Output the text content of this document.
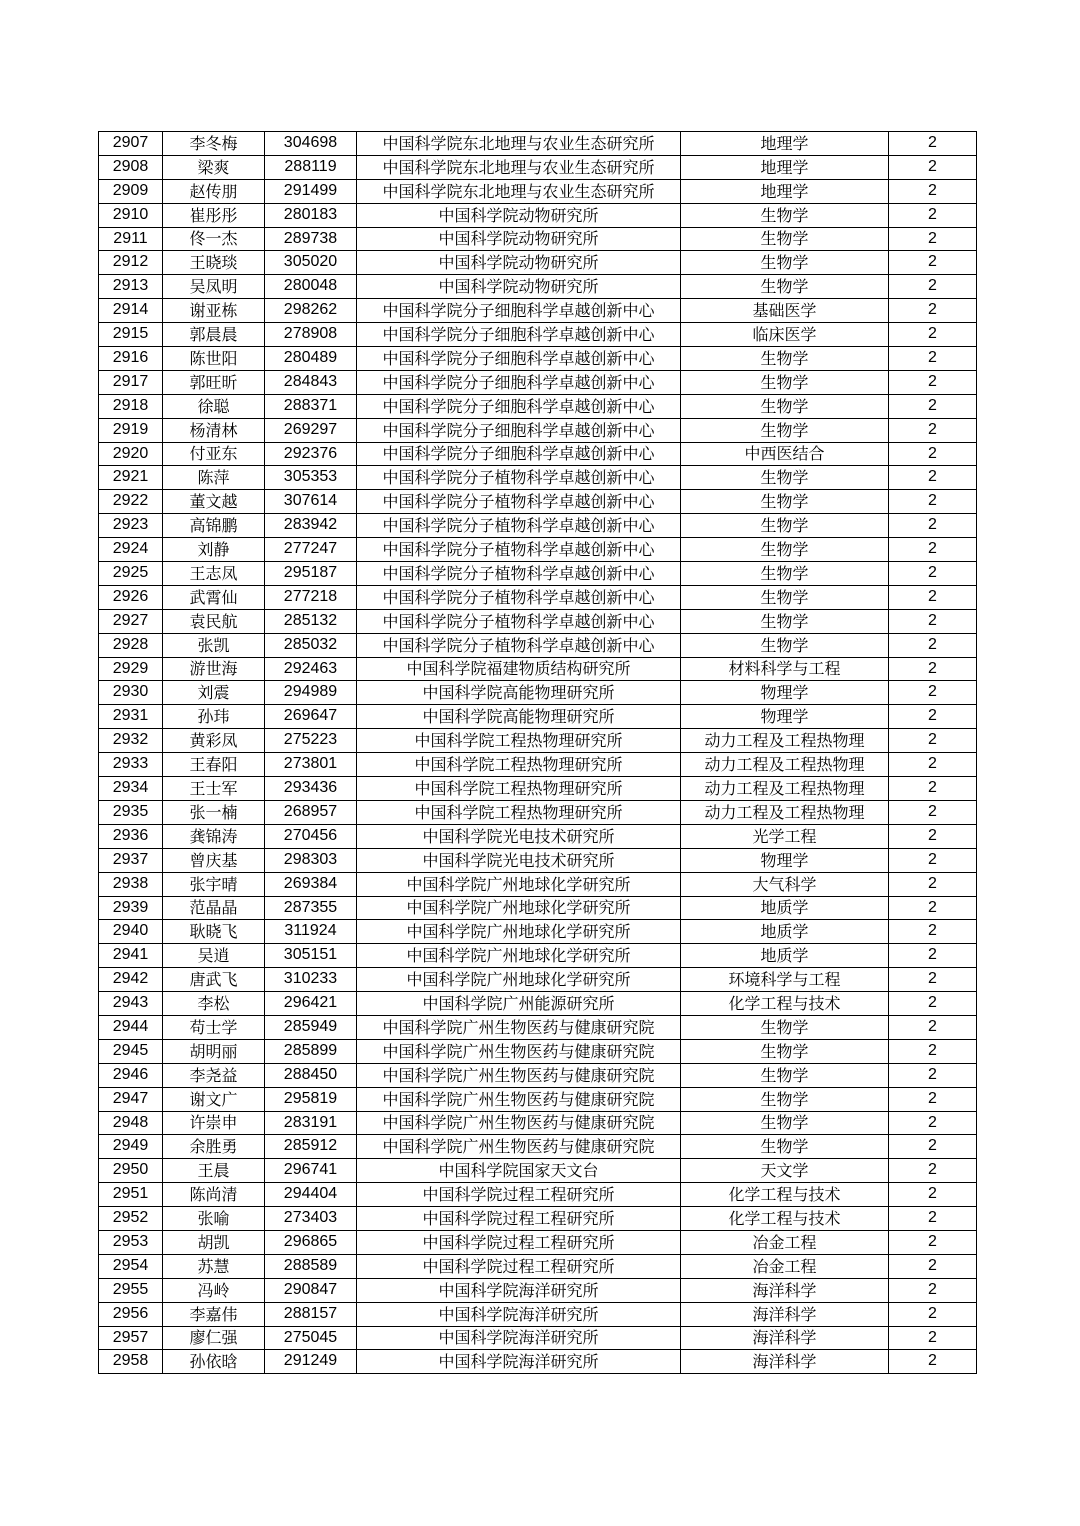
2907	李冬梅	304698	中国科学院东北地理与农业生态研究所	地理学	2
2908	梁爽	288119	中国科学院东北地理与农业生态研究所	地理学	2
2909	赵传朋	291499	中国科学院东北地理与农业生态研究所	地理学	2
2910	崔彤彤	280183	中国科学院动物研究所	生物学	2
2911	佟一杰	289738	中国科学院动物研究所	生物学	2
2912	王晓琰	305020	中国科学院动物研究所	生物学	2
2913	吴凤明	280048	中国科学院动物研究所	生物学	2
2914	谢亚栋	298262	中国科学院分子细胞科学卓越创新中心	基础医学	2
2915	郭晨晨	278908	中国科学院分子细胞科学卓越创新中心	临床医学	2
2916	陈世阳	280489	中国科学院分子细胞科学卓越创新中心	生物学	2
2917	郭旺昕	284843	中国科学院分子细胞科学卓越创新中心	生物学	2
2918	徐聪	288371	中国科学院分子细胞科学卓越创新中心	生物学	2
2919	杨清林	269297	中国科学院分子细胞科学卓越创新中心	生物学	2
2920	付亚东	292376	中国科学院分子细胞科学卓越创新中心	中西医结合	2
2921	陈萍	305353	中国科学院分子植物科学卓越创新中心	生物学	2
2922	董文越	307614	中国科学院分子植物科学卓越创新中心	生物学	2
2923	高锦鹏	283942	中国科学院分子植物科学卓越创新中心	生物学	2
2924	刘静	277247	中国科学院分子植物科学卓越创新中心	生物学	2
2925	王志凤	295187	中国科学院分子植物科学卓越创新中心	生物学	2
2926	武霄仙	277218	中国科学院分子植物科学卓越创新中心	生物学	2
2927	袁民航	285132	中国科学院分子植物科学卓越创新中心	生物学	2
2928	张凯	285032	中国科学院分子植物科学卓越创新中心	生物学	2
2929	游世海	292463	中国科学院福建物质结构研究所	材料科学与工程	2
2930	刘震	294989	中国科学院高能物理研究所	物理学	2
2931	孙玮	269647	中国科学院高能物理研究所	物理学	2
2932	黄彩凤	275223	中国科学院工程热物理研究所	动力工程及工程热物理	2
2933	王春阳	273801	中国科学院工程热物理研究所	动力工程及工程热物理	2
2934	王士军	293436	中国科学院工程热物理研究所	动力工程及工程热物理	2
2935	张一楠	268957	中国科学院工程热物理研究所	动力工程及工程热物理	2
2936	龚锦涛	270456	中国科学院光电技术研究所	光学工程	2
2937	曾庆基	298303	中国科学院光电技术研究所	物理学	2
2938	张宇晴	269384	中国科学院广州地球化学研究所	大气科学	2
2939	范晶晶	287355	中国科学院广州地球化学研究所	地质学	2
2940	耿晓飞	311924	中国科学院广州地球化学研究所	地质学	2
2941	吴逍	305151	中国科学院广州地球化学研究所	地质学	2
2942	唐武飞	310233	中国科学院广州地球化学研究所	环境科学与工程	2
2943	李松	296421	中国科学院广州能源研究所	化学工程与技术	2
2944	苟士学	285949	中国科学院广州生物医药与健康研究院	生物学	2
2945	胡明丽	285899	中国科学院广州生物医药与健康研究院	生物学	2
2946	李尧益	288450	中国科学院广州生物医药与健康研究院	生物学	2
2947	谢文广	295819	中国科学院广州生物医药与健康研究院	生物学	2
2948	许崇申	283191	中国科学院广州生物医药与健康研究院	生物学	2
2949	余胜勇	285912	中国科学院广州生物医药与健康研究院	生物学	2
2950	王晨	296741	中国科学院国家天文台	天文学	2
2951	陈尚清	294404	中国科学院过程工程研究所	化学工程与技术	2
2952	张喻	273403	中国科学院过程工程研究所	化学工程与技术	2
2953	胡凯	296865	中国科学院过程工程研究所	冶金工程	2
2954	苏慧	288589	中国科学院过程工程研究所	冶金工程	2
2955	冯岭	290847	中国科学院海洋研究所	海洋科学	2
2956	李嘉伟	288157	中国科学院海洋研究所	海洋科学	2
2957	廖仁强	275045	中国科学院海洋研究所	海洋科学	2
2958	孙依晗	291249	中国科学院海洋研究所	海洋科学	2
